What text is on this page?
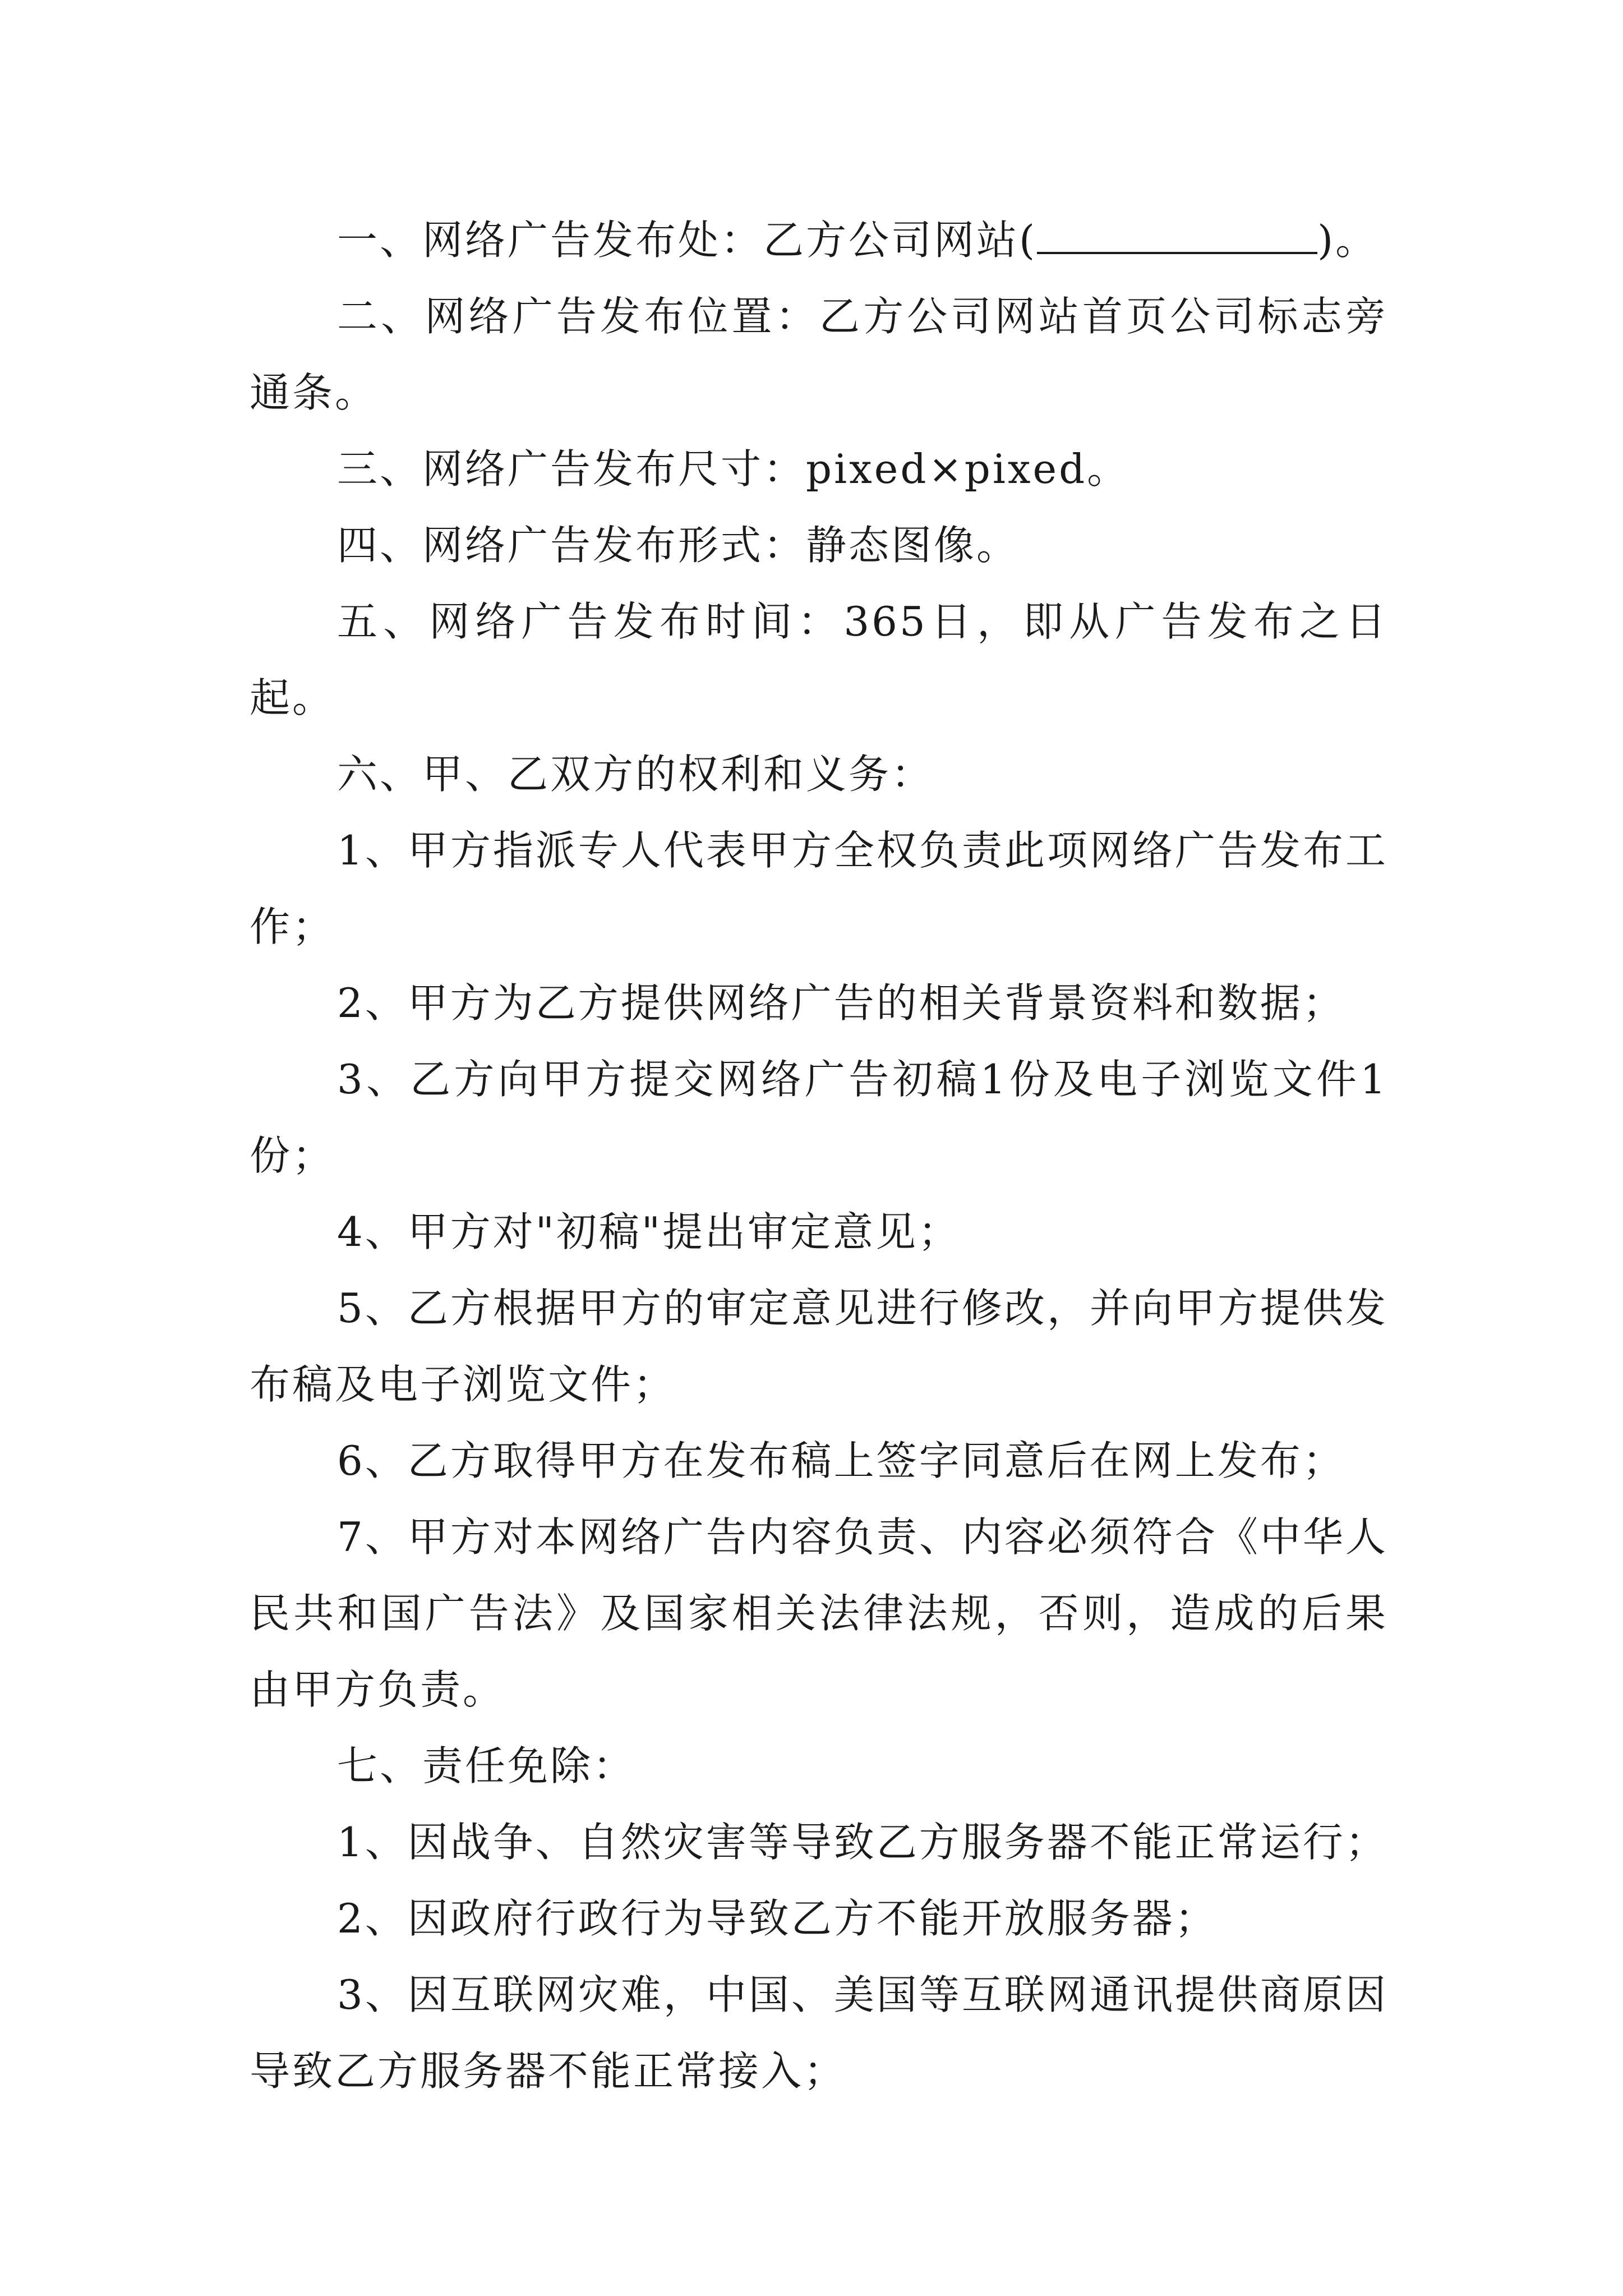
一、网络广告发布处：乙方公司网站(	)。

二、网络广告发布位置：乙方公司网站首页公司标志旁通条。

三、网络广告发布尺寸：pixed×pixed。

四、网络广告发布形式：静态图像。

五、网络广告发布时间：365日，即从广告发布之日起。

六、甲、乙双方的权利和义务：

1、甲方指派专人代表甲方全权负责此项网络广告发布工作；

2、甲方为乙方提供网络广告的相关背景资料和数据；

3、乙方向甲方提交网络广告初稿1份及电子浏览文件1份；

4、甲方对"初稿"提出审定意见；

5、乙方根据甲方的审定意见进行修改，并向甲方提供发布稿及电子浏览文件；

6、乙方取得甲方在发布稿上签字同意后在网上发布；

7、甲方对本网络广告内容负责、内容必须符合《中华人民共和国广告法》及国家相关法律法规，否则，造成的后果由甲方负责。

七、责任免除：

1、因战争、自然灾害等导致乙方服务器不能正常运行；

2、因政府行政行为导致乙方不能开放服务器；

3、因互联网灾难，中国、美国等互联网通讯提供商原因导致乙方服务器不能正常接入；
